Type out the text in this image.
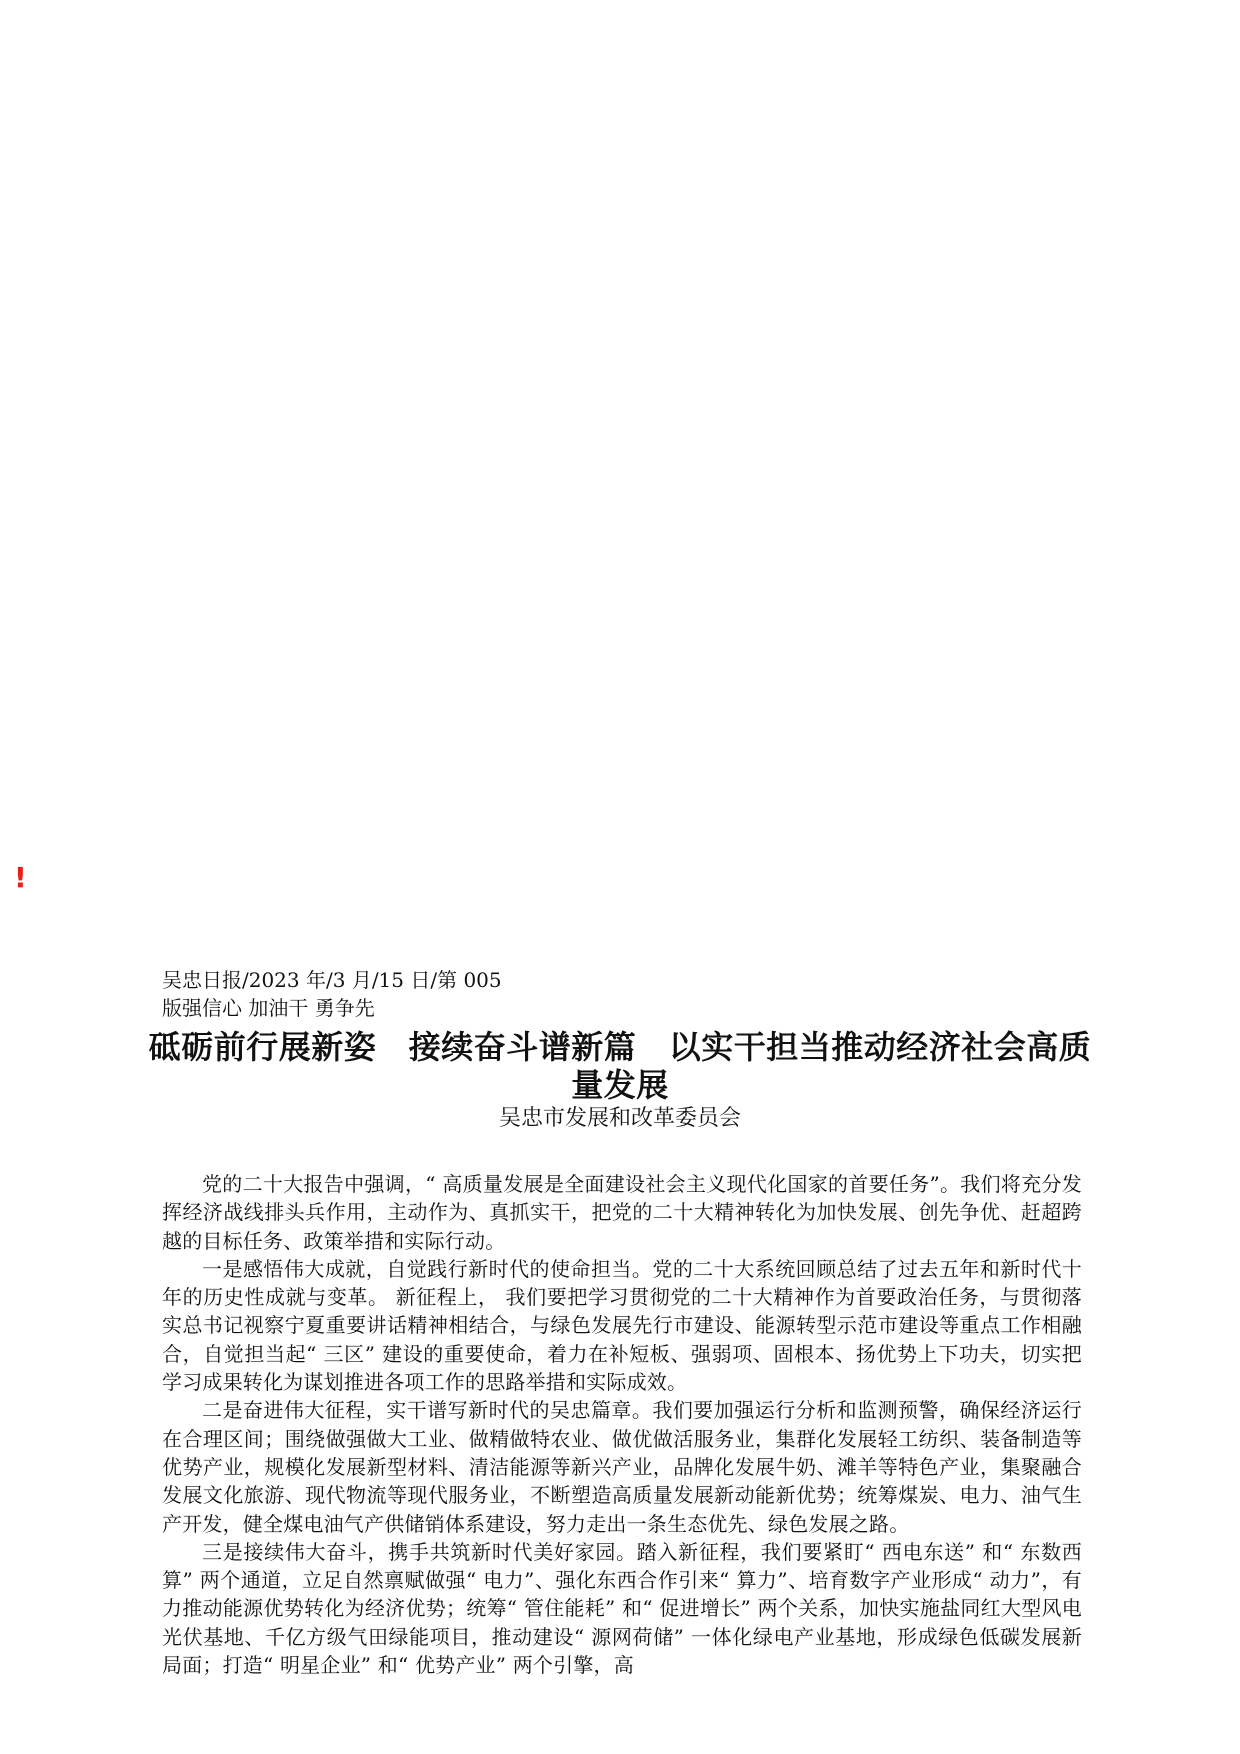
!
吴忠日报/2023 年/3 月/15 日/第 005
版强信心 加油干 勇争先
砥砺前行展新姿　接续奋斗谱新篇　以实干担当推动经济社会高质量发展
吴忠市发展和改革委员会

党的二十大报告中强调，“ 高质量发展是全面建设社会主义现代化国家的首要任务”。我们将充分发挥经济战线排头兵作用，主动作为、真抓实干，把党的二十大精神转化为加快发展、创先争优、赶超跨越的目标任务、政策举措和实际行动。

一是感悟伟大成就，自觉践行新时代的使命担当。党的二十大系统回顾总结了过去五年和新时代十年的历史性成就与变革。 新征程上， 我们要把学习贯彻党的二十大精神作为首要政治任务，与贯彻落实总书记视察宁夏重要讲话精神相结合，与绿色发展先行市建设、能源转型示范市建设等重点工作相融合，自觉担当起“ 三区” 建设的重要使命，着力在补短板、强弱项、固根本、扬优势上下功夫，切实把学习成果转化为谋划推进各项工作的思路举措和实际成效。

二是奋进伟大征程，实干谱写新时代的吴忠篇章。我们要加强运行分析和监测预警，确保经济运行在合理区间；围绕做强做大工业、做精做特农业、做优做活服务业，集群化发展轻工纺织、装备制造等优势产业，规模化发展新型材料、清洁能源等新兴产业，品牌化发展牛奶、滩羊等特色产业，集聚融合发展文化旅游、现代物流等现代服务业，不断塑造高质量发展新动能新优势；统筹煤炭、电力、油气生产开发，健全煤电油气产供储销体系建设，努力走出一条生态优先、绿色发展之路。

三是接续伟大奋斗，携手共筑新时代美好家园。踏入新征程，我们要紧盯“ 西电东送” 和“ 东数西算” 两个通道，立足自然禀赋做强“ 电力”、强化东西合作引来“ 算力”、培育数字产业形成“ 动力”，有力推动能源优势转化为经济优势；统筹“ 管住能耗” 和“ 促进增长” 两个关系，加快实施盐同红大型风电光伏基地、千亿方级气田绿能项目，推动建设“ 源网荷储” 一体化绿电产业基地，形成绿色低碳发展新局面；打造“ 明星企业” 和“ 优势产业” 两个引擎，高
